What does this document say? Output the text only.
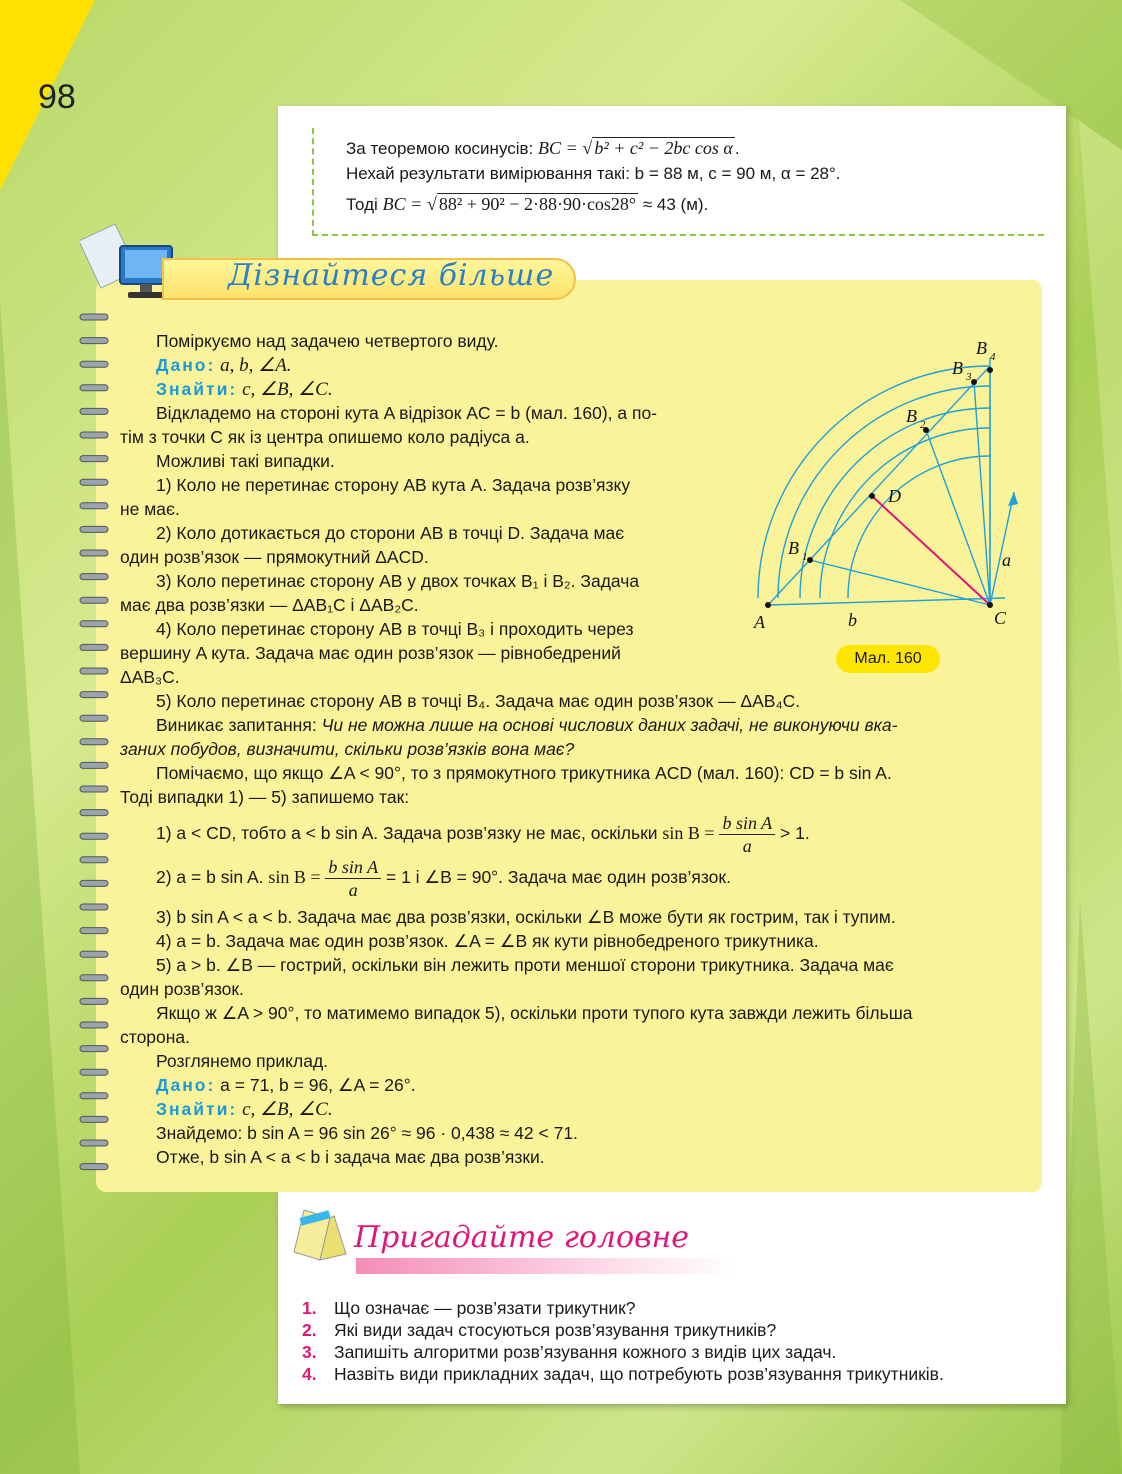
98
За теоремою косинусів: BC = √ b² + c² − 2bc cos α .
Нехай результати вимірювання такі: b = 88 м, c = 90 м, α = 28°.
Тоді BC = √ 88² + 90² − 2·88·90·cos28° ≈ 43 (м).
Дізнайтеся більше
Поміркуємо над задачею четвертого виду.
Дано: a, b, ∠A.
Знайти: c, ∠B, ∠C.
Відкладемо на стороні кута A відрізок AC = b (мал. 160), а по-
тім з точки C як із центра опишемо коло радіуса a.
Можливі такі випадки.
1) Коло не перетинає сторону AB кута A. Задача розв’язку
не має.
2) Коло дотикається до сторони AB в точці D. Задача має
один розв’язок — прямокутний ΔACD.
3) Коло перетинає сторону AB у двох точках B₁ і B₂. Задача
має два розв’язки — ΔAB₁C і ΔAB₂C.
4) Коло перетинає сторону AB в точці B₃ і проходить через
вершину A кута. Задача має один розв’язок — рівнобедрений
ΔAB₃C.
5) Коло перетинає сторону AB в точці B₄. Задача має один розв’язок — ΔAB₄C.
Виникає запитання: Чи не можна лише на основі числових даних задачі, не виконуючи вка-
заних побудов, визначити, скільки розв’язків вона має?
Помічаємо, що якщо ∠A < 90°, то з прямокутного трикутника ACD (мал. 160): CD = b sin A.
Тоді випадки 1) — 5) запишемо так:
1) a < CD, тобто a < b sin A. Задача розв’язку не має, оскільки $\sin B = \frac{\text{b sin A}}{a} > 1$.
2) a = b sin A. $\sin B = \frac{\text{b sin A}}{a} = 1$ і ∠B = 90°. Задача має один розв’язок.
3) b sin A < a < b. Задача має два розв’язки, оскільки ∠B може бути як гострим, так і тупим.
4) a = b. Задача має один розв’язок. ∠A = ∠B як кути рівнобедреного трикутника.
5) a > b. ∠B — гострий, оскільки він лежить проти меншої сторони трикутника. Задача має
один розв’язок.
Якщо ж ∠A > 90°, то матимемо випадок 5), оскільки проти тупого кута завжди лежить більша
сторона.
Розглянемо приклад.
Дано: a = 71, b = 96, ∠A = 26°.
Знайти: c, ∠B, ∠C.
Знайдемо: b sin A = 96 sin 26° ≈ 96 · 0,438 ≈ 42 < 71.
Отже, b sin A < a < b і задача має два розв’язки.
A	C
b
a
D
B 1
B 2
B 3
B 4
Мал. 160
Пригадайте головне
1. Що означає — розв’язати трикутник?
2. Які види задач стосуються розв’язування трикутників?
3. Запишіть алгоритми розв’язування кожного з видів цих задач.
4. Назвіть види прикладних задач, що потребують розв’язування трикутників.
